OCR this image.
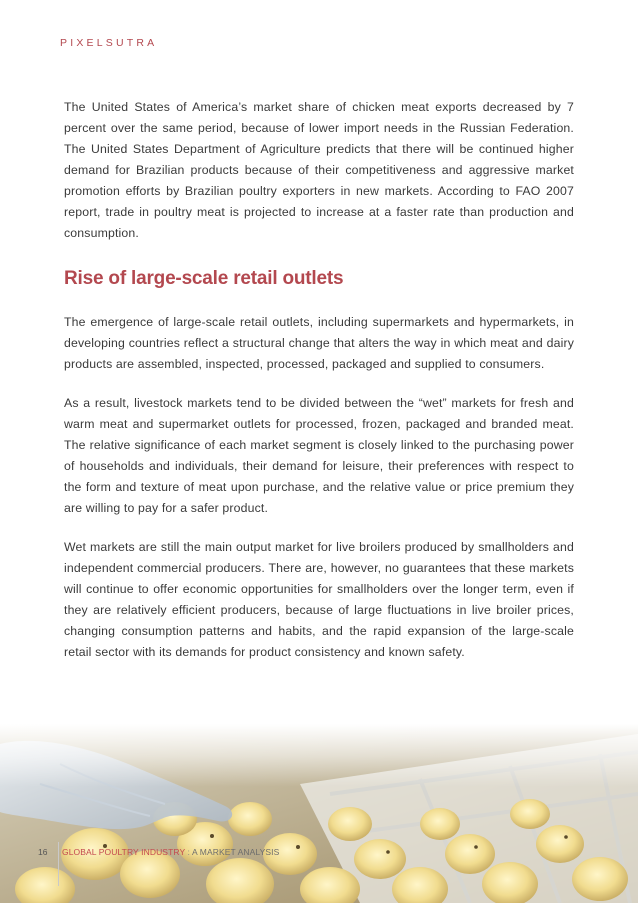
PIXELSUTRA

The United States of America’s market share of chicken meat exports decreased by 7 percent over the same period, because of lower import needs in the Russian Federation. The United States Department of Agriculture predicts that there will be continued higher demand for Brazilian products because of their competitiveness and aggressive market promotion efforts by Brazilian poultry exporters in new markets. According to FAO 2007 report, trade in poultry meat is projected to increase at a faster rate than production and consumption.

Rise of large-scale retail outlets

The emergence of large-scale retail outlets, including supermarkets and hypermarkets, in developing countries reflect a structural change that alters the way in which meat and dairy products are assembled, inspected, processed, packaged and supplied to consumers.

As a result, livestock markets tend to be divided between the “wet” markets for fresh and warm meat and supermarket outlets for processed, frozen, packaged and branded meat. The relative significance of each market segment is closely linked to the purchasing power of households and individuals, their demand for leisure, their preferences with respect to the form and texture of meat upon purchase, and the relative value or price premium they are willing to pay for a safer product.

Wet markets are still the main output market for live broilers produced by smallholders and independent commercial producers. There are, however, no guarantees that these markets will continue to offer economic opportunities for smallholders over the longer term, even if they are relatively efficient producers, because of large fluctuations in live broiler prices, changing consumption patterns and habits, and the rapid expansion of the large-scale retail sector with its demands for product consistency and known safety.

16 GLOBAL POULTRY INDUSTRY : A MARKET ANALYSIS
